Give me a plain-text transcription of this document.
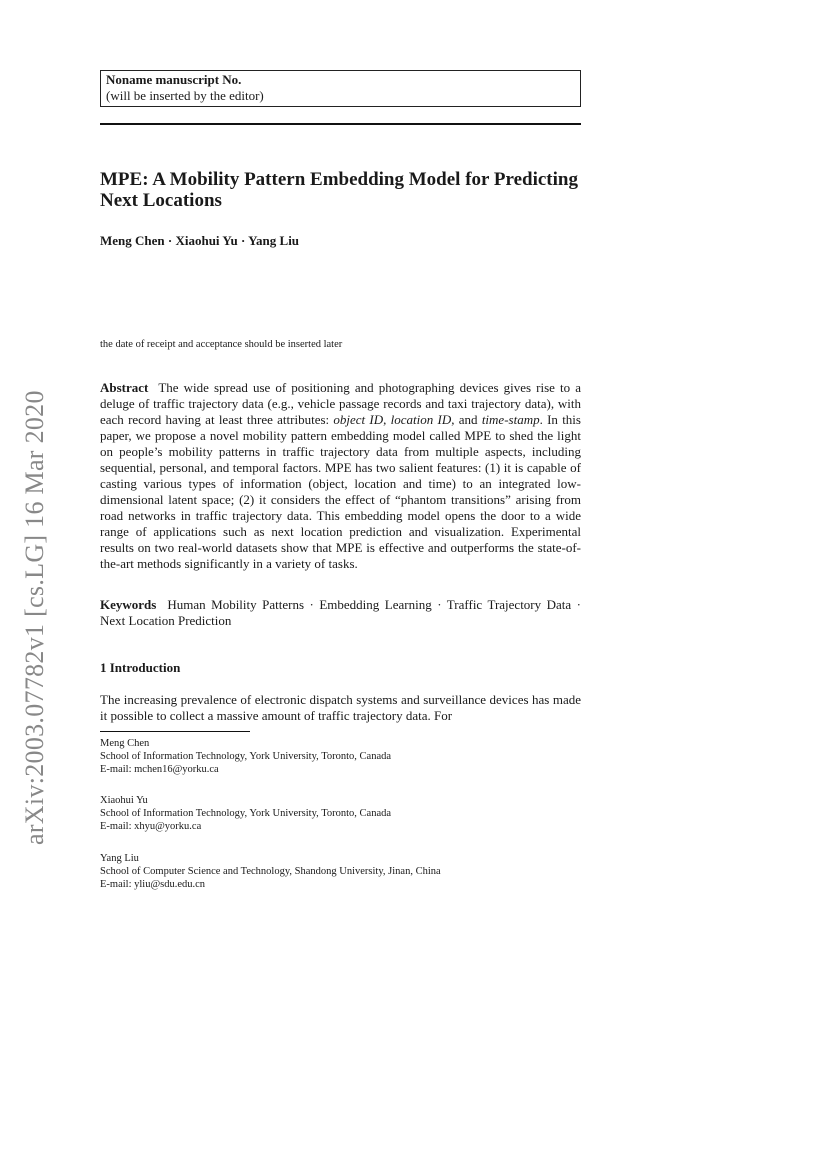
Noname manuscript No.
(will be inserted by the editor)
MPE: A Mobility Pattern Embedding Model for Predicting Next Locations
Meng Chen · Xiaohui Yu · Yang Liu
the date of receipt and acceptance should be inserted later
arXiv:2003.07782v1 [cs.LG] 16 Mar 2020

Abstract The wide spread use of positioning and photographing devices gives rise to a deluge of traffic trajectory data (e.g., vehicle passage records and taxi trajectory data), with each record having at least three attributes: object ID, location ID, and time-stamp. In this paper, we propose a novel mobility pattern embedding model called MPE to shed the light on people’s mobility patterns in traffic trajectory data from multiple aspects, including sequential, personal, and temporal factors. MPE has two salient features: (1) it is capable of casting various types of information (object, location and time) to an integrated low-dimensional latent space; (2) it considers the effect of “phantom transitions” arising from road networks in traffic trajectory data. This embedding model opens the door to a wide range of applications such as next location prediction and visualization. Experimental results on two real-world datasets show that MPE is effective and outperforms the state-of-the-art methods significantly in a variety of tasks.

Keywords Human Mobility Patterns · Embedding Learning · Traffic Trajectory Data · Next Location Prediction

1 Introduction

The increasing prevalence of electronic dispatch systems and surveillance devices has made it possible to collect a massive amount of traffic trajectory data. For

Meng Chen
School of Information Technology, York University, Toronto, Canada
E-mail: mchen16@yorku.ca
Xiaohui Yu
School of Information Technology, York University, Toronto, Canada
E-mail: xhyu@yorku.ca
Yang Liu
School of Computer Science and Technology, Shandong University, Jinan, China
E-mail: yliu@sdu.edu.cn
